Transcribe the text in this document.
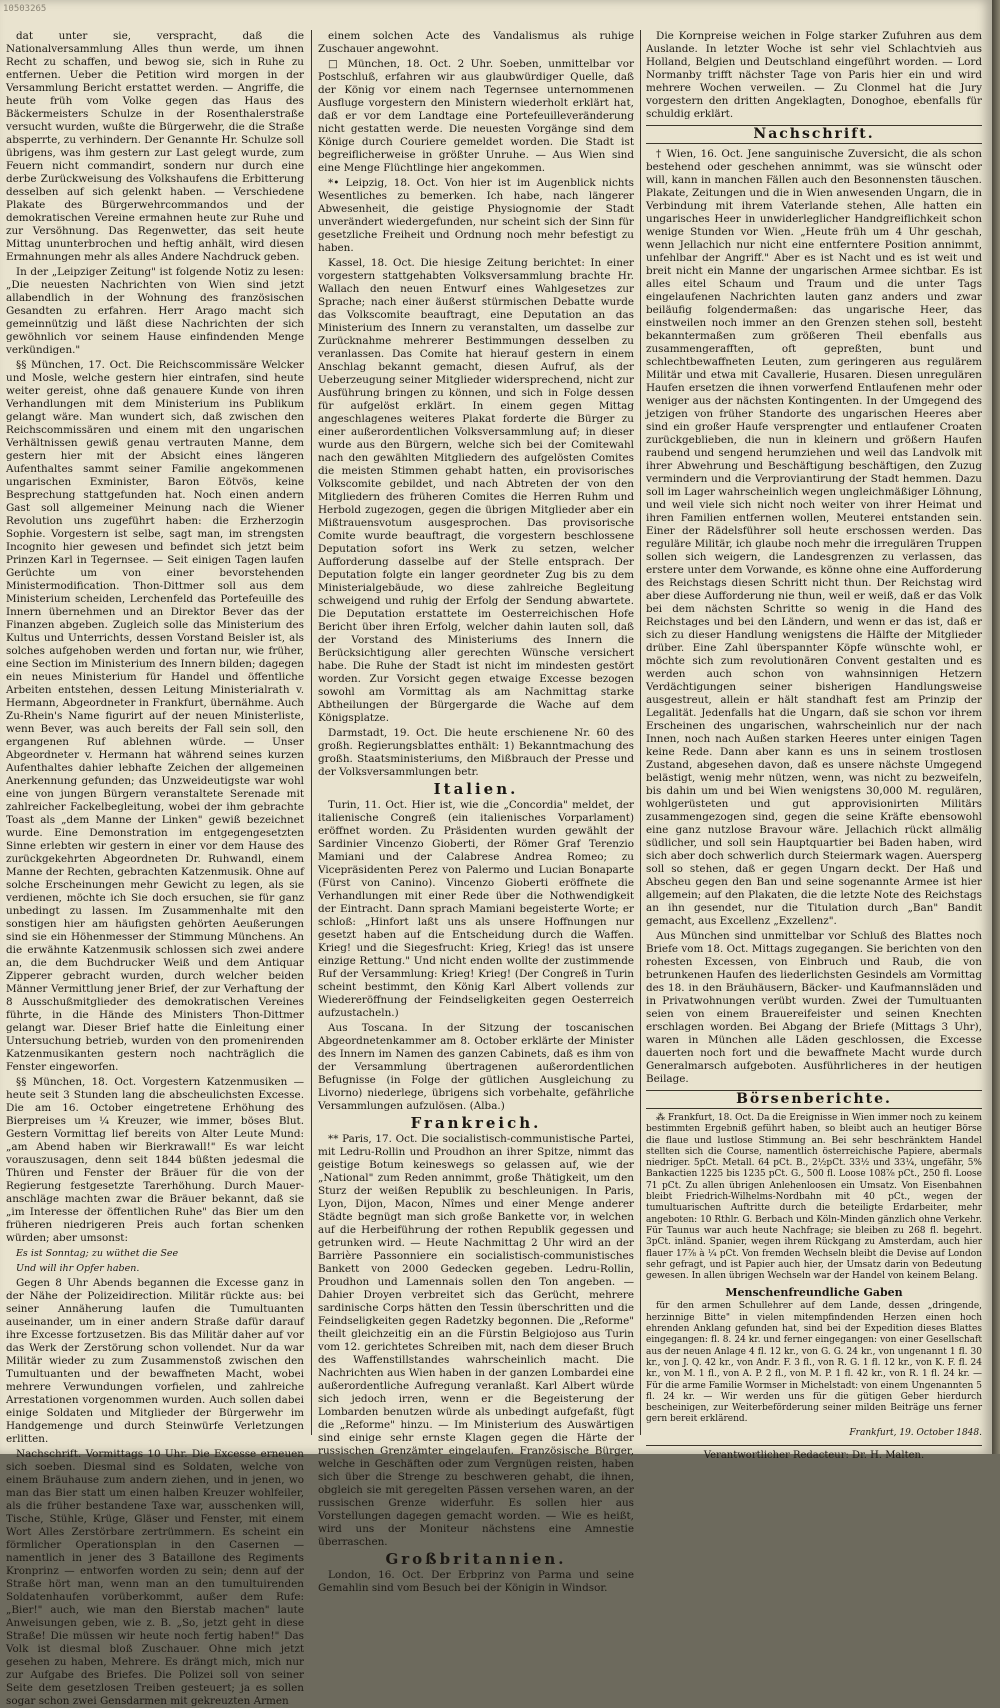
10503265

dat unter sie, verspracht, daß die Nationalversammlung Alles thun werde, um ihnen Recht zu schaffen, und bewog sie, sich in Ruhe zu entfernen. Ueber die Petition wird morgen in der Versammlung Bericht erstattet werden. — Angriffe, die heute früh vom Volke gegen das Haus des Bäckermeisters Schulze in der Rosenthalerstraße versucht wurden, wußte die Bürgerwehr, die die Straße absperrte, zu verhindern. Der Genannte Hr. Schulze soll übrigens, was ihm gestern zur Last gelegt wurde, zum Feuern nicht commandirt, sondern nur durch eine derbe Zurückweisung des Volkshaufens die Erbitterung desselben auf sich gelenkt haben. — Verschiedene Plakate des Bürgerwehrcommandos und der demokratischen Vereine ermahnen heute zur Ruhe und zur Versöhnung. Das Regenwetter, das seit heute Mittag ununterbrochen und heftig anhält, wird diesen Ermahnungen mehr als alles Andere Nachdruck geben.

In der „Leipziger Zeitung" ist folgende Notiz zu lesen: „Die neuesten Nachrichten von Wien sind jetzt allabendlich in der Wohnung des französischen Gesandten zu erfahren. Herr Arago macht sich gemeinnützig und läßt diese Nachrichten der sich gewöhnlich vor seinem Hause einfindenden Menge verkündigen."

§§ München, 17. Oct. Die Reichscommissäre Welcker und Mosle, welche gestern hier eintrafen, sind heute weiter gereist, ohne daß genauere Kunde von ihren Verhandlungen mit dem Ministerium ins Publikum gelangt wäre. Man wundert sich, daß zwischen den Reichscommissären und einem mit den ungarischen Verhältnissen gewiß genau vertrauten Manne, dem gestern hier mit der Absicht eines längeren Aufenthaltes sammt seiner Familie angekommenen ungarischen Exminister, Baron Eötvös, keine Besprechung stattgefunden hat. Noch einen andern Gast soll allgemeiner Meinung nach die Wiener Revolution uns zugeführt haben: die Erzherzogin Sophie. Vorgestern ist selbe, sagt man, im strengsten Incognito hier gewesen und befindet sich jetzt beim Prinzen Karl in Tegernsee. — Seit einigen Tagen laufen Gerüchte um von einer bevorstehenden Ministermodification. Thon-Dittmer soll aus dem Ministerium scheiden, Lerchenfeld das Portefeuille des Innern übernehmen und an Direktor Bever das der Finanzen abgeben. Zugleich solle das Ministerium des Kultus und Unterrichts, dessen Vorstand Beisler ist, als solches aufgehoben werden und fortan nur, wie früher, eine Section im Ministerium des Innern bilden; dagegen ein neues Ministerium für Handel und öffentliche Arbeiten entstehen, dessen Leitung Ministerialrath v. Hermann, Abgeordneter in Frankfurt, übernähme. Auch Zu-Rhein's Name figurirt auf der neuen Ministerliste, wenn Bever, was auch bereits der Fall sein soll, den ergangenen Ruf ablehnen würde. — Unser Abgeordneter v. Hermann hat während seines kurzen Aufenthaltes dahier lebhafte Zeichen der allgemeinen Anerkennung gefunden; das Unzweideutigste war wohl eine von jungen Bürgern veranstaltete Serenade mit zahlreicher Fackelbegleitung, wobei der ihm gebrachte Toast als „dem Manne der Linken" gewiß bezeichnet wurde. Eine Demonstration im entgegengesetzten Sinne erlebten wir gestern in einer vor dem Hause des zurückgekehrten Abgeordneten Dr. Ruhwandl, einem Manne der Rechten, gebrachten Katzenmusik. Ohne auf solche Erscheinungen mehr Gewicht zu legen, als sie verdienen, möchte ich Sie doch ersuchen, sie für ganz unbedingt zu lassen. Im Zusammenhalte mit den sonstigen hier am häufigsten gehörten Aeußerungen sind sie ein Höhenmesser der Stimmung Münchens. An die erwähnte Katzenmusik schlossen sich zwei andere an, die dem Buchdrucker Weiß und dem Antiquar Zipperer gebracht wurden, durch welcher beiden Männer Vermittlung jener Brief, der zur Verhaftung der 8 Ausschußmitglieder des demokratischen Vereines führte, in die Hände des Ministers Thon-Dittmer gelangt war. Dieser Brief hatte die Einleitung einer Untersuchung betrieb, wurden von den promenirenden Katzenmusikanten gestern noch nachträglich die Fenster eingeworfen.

§§ München, 18. Oct. Vorgestern Katzenmusiken — heute seit 3 Stunden lang die abscheulichsten Excesse. Die am 16. October eingetretene Erhöhung des Bierpreises um ¼ Kreuzer, wie immer, böses Blut. Gestern Vormittag lief bereits von Alter Leute Mund: „am Abend haben wir Bierkrawall!" Es war leicht vorauszusagen, denn seit 1844 büßten jedesmal die Thüren und Fenster der Bräuer für die von der Regierung festgesetzte Tarerhöhung. Durch Mauer-anschläge machten zwar die Bräuer bekannt, daß sie „im Interesse der öffentlichen Ruhe" das Bier um den früheren niedrigeren Preis auch fortan schenken würden; aber umsonst:

Es ist Sonntag; zu wüthet die See

Und will ihr Opfer haben.

Gegen 8 Uhr Abends begannen die Excesse ganz in der Nähe der Polizeidirection. Militär rückte aus: bei seiner Annäherung laufen die Tumultuanten auseinander, um in einer andern Straße dafür darauf ihre Excesse fortzusetzen. Bis das Militär daher auf vor das Werk der Zerstörung schon vollendet. Nur da war Militär wieder zu zum Zusammenstoß zwischen den Tumultuanten und der bewaffneten Macht, wobei mehrere Verwundungen vorfielen, und zahlreiche Arrestationen vorgenommen wurden. Auch sollen dabei einige Soldaten und Mitglieder der Bürgerwehr im Handgemenge und durch Steinwürfe Verletzungen erlitten.

Nachschrift. Vormittags 10 Uhr. Die Excesse erneuen sich soeben. Diesmal sind es Soldaten, welche von einem Bräuhause zum andern ziehen, und in jenen, wo man das Bier statt um einen halben Kreuzer wohlfeiler, als die früher bestandene Taxe war, ausschenken will, Tische, Stühle, Krüge, Gläser und Fenster, mit einem Wort Alles Zerstörbare zertrümmern. Es scheint ein förmlicher Operationsplan in den Casernen — namentlich in jener des 3 Bataillone des Regiments Kronprinz — entworfen worden zu sein; denn auf der Straße hört man, wenn man an den tumultuirenden Soldatenhaufen vorüberkommt, außer dem Rufe: „Bier!" auch, wie man den Bierstab machen" laute Anweisungen geben, wie z. B. „So, jetzt geht in diese Straße! Die müssen wir heute noch fertig haben!" Das Volk ist diesmal bloß Zuschauer. Ohne mich jetzt gesehen zu haben, Mehrere. Es drängt mich, mich nur zur Aufgabe des Briefes. Die Polizei soll von seiner Seite dem gesetzlosen Treiben gesteuert; ja es sollen sogar schon zwei Gensdarmen mit gekreuzten Armen

einem solchen Acte des Vandalismus als ruhige Zuschauer angewohnt.

□ München, 18. Oct. 2 Uhr. Soeben, unmittelbar vor Postschluß, erfahren wir aus glaubwürdiger Quelle, daß der König vor einem nach Tegernsee unternommenen Ausfluge vorgestern den Ministern wiederholt erklärt hat, daß er vor dem Landtage eine Portefeuilleveränderung nicht gestatten werde. Die neuesten Vorgänge sind dem Könige durch Couriere gemeldet worden. Die Stadt ist begreiflicherweise in größter Unruhe. — Aus Wien sind eine Menge Flüchtlinge hier angekommen.

*• Leipzig, 18. Oct. Von hier ist im Augenblick nichts Wesentliches zu bemerken. Ich habe, nach längerer Abwesenheit, die geistige Physiognomie der Stadt unverändert wiedergefunden, nur scheint sich der Sinn für gesetzliche Freiheit und Ordnung noch mehr befestigt zu haben.

Kassel, 18. Oct. Die hiesige Zeitung berichtet: In einer vorgestern stattgehabten Volksversammlung brachte Hr. Wallach den neuen Entwurf eines Wahlgesetzes zur Sprache; nach einer äußerst stürmischen Debatte wurde das Volkscomite beauftragt, eine Deputation an das Ministerium des Innern zu veranstalten, um dasselbe zur Zurücknahme mehrerer Bestimmungen desselben zu veranlassen. Das Comite hat hierauf gestern in einem Anschlag bekannt gemacht, diesen Aufruf, als der Ueberzeugung seiner Mitglieder widersprechend, nicht zur Ausführung bringen zu können, und sich in Folge dessen für aufgelöst erklärt. In einem gegen Mittag angeschlagenes weiteres Plakat forderte die Bürger zu einer außerordentlichen Volksversammlung auf; in dieser wurde aus den Bürgern, welche sich bei der Comitewahl nach den gewählten Mitgliedern des aufgelösten Comites die meisten Stimmen gehabt hatten, ein provisorisches Volkscomite gebildet, und nach Abtreten der von den Mitgliedern des früheren Comites die Herren Ruhm und Herbold zugezogen, gegen die übrigen Mitglieder aber ein Mißtrauensvotum ausgesprochen. Das provisorische Comite wurde beauftragt, die vorgestern beschlossene Deputation sofort ins Werk zu setzen, welcher Aufforderung dasselbe auf der Stelle entsprach. Der Deputation folgte ein langer geordneter Zug bis zu dem Ministerialgebäude, wo diese zahlreiche Begleitung schweigend und ruhig der Erfolg der Sendung abwartete. Die Deputation erstattete im Oesterreichischen Hofe Bericht über ihren Erfolg, welcher dahin lauten soll, daß der Vorstand des Ministeriums des Innern die Berücksichtigung aller gerechten Wünsche versichert habe. Die Ruhe der Stadt ist nicht im mindesten gestört worden. Zur Vorsicht gegen etwaige Excesse bezogen sowohl am Vormittag als am Nachmittag starke Abtheilungen der Bürgergarde die Wache auf dem Königsplatze.

Darmstadt, 19. Oct. Die heute erschienene Nr. 60 des großh. Regierungsblattes enthält: 1) Bekanntmachung des großh. Staatsministeriums, den Mißbrauch der Presse und der Volksversammlungen betr.

Italien.

Turin, 11. Oct. Hier ist, wie die „Concordia" meldet, der italienische Congreß (ein italienisches Vorparlament) eröffnet worden. Zu Präsidenten wurden gewählt der Sardinier Vincenzo Gioberti, der Römer Graf Terenzio Mamiani und der Calabrese Andrea Romeo; zu Vicepräsidenten Perez von Palermo und Lucian Bonaparte (Fürst von Canino). Vincenzo Gioberti eröffnete die Verhandlungen mit einer Rede über die Nothwendigkeit der Eintracht. Dann sprach Mamiani begeisterte Worte; er schloß: „Hinfort laßt uns als unsere Hoffnungen nur gesetzt haben auf die Entscheidung durch die Waffen. Krieg! und die Siegesfrucht: Krieg, Krieg! das ist unsere einzige Rettung." Und nicht enden wollte der zustimmende Ruf der Versammlung: Krieg! Krieg! (Der Congreß in Turin scheint bestimmt, den König Karl Albert vollends zur Wiedereröffnung der Feindseligkeiten gegen Oesterreich aufzustacheln.)

Aus Toscana. In der Sitzung der toscanischen Abgeordnetenkammer am 8. October erklärte der Minister des Innern im Namen des ganzen Cabinets, daß es ihm von der Versammlung übertragenen außerordentlichen Befugnisse (in Folge der gütlichen Ausgleichung zu Livorno) niederlege, übrigens sich vorbehalte, gefährliche Versammlungen aufzulösen. (Alba.)

Frankreich.

** Paris, 17. Oct. Die socialistisch-communistische Partei, mit Ledru-Rollin und Proudhon an ihrer Spitze, nimmt das geistige Botum keineswegs so gelassen auf, wie der „National" zum Reden annimmt, große Thätigkeit, um den Sturz der weißen Republik zu beschleunigen. In Paris, Lyon, Dijon, Macon, Nîmes und einer Menge anderer Städte begnügt man sich große Bankette vor, in welchen auf die Herbeiführung der rothen Republik gegessen und getrunken wird. — Heute Nachmittag 2 Uhr wird an der Barrière Passonniere ein socialistisch-communistisches Bankett von 2000 Gedecken gegeben. Ledru-Rollin, Proudhon und Lamennais sollen den Ton angeben. — Dahier Droyen verbreitet sich das Gerücht, mehrere sardinische Corps hätten den Tessin überschritten und die Feindseligkeiten gegen Radetzky begonnen. Die „Reforme" theilt gleichzeitig ein an die Fürstin Belgiojoso aus Turin vom 12. gerichtetes Schreiben mit, nach dem dieser Bruch des Waffenstillstandes wahrscheinlich macht. Die Nachrichten aus Wien haben in der ganzen Lombardei eine außerordentliche Aufregung veranlaßt. Karl Albert würde sich jedoch irren, wenn er die Begeisterung der Lombarden benutzen würde als unbedingt aufgefaßt, fügt die „Reforme" hinzu. — Im Ministerium des Auswärtigen sind einige sehr ernste Klagen gegen die Härte der russischen Grenzämter eingelaufen. Französische Bürger, welche in Geschäften oder zum Vergnügen reisten, haben sich über die Strenge zu beschweren gehabt, die ihnen, obgleich sie mit geregelten Pässen versehen waren, an der russischen Grenze widerfuhr. Es sollen hier aus Vorstellungen dagegen gemacht worden. — Wie es heißt, wird uns der Moniteur nächstens eine Amnestie überraschen.

Großbritannien.

London, 16. Oct. Der Erbprinz von Parma und seine Gemahlin sind vom Besuch bei der Königin in Windsor.

Die Kornpreise weichen in Folge starker Zufuhren aus dem Auslande. In letzter Woche ist sehr viel Schlachtvieh aus Holland, Belgien und Deutschland eingeführt worden. — Lord Normanby trifft nächster Tage von Paris hier ein und wird mehrere Wochen verweilen. — Zu Clonmel hat die Jury vorgestern den dritten Angeklagten, Donoghoe, ebenfalls für schuldig erklärt.

Nachschrift.

† Wien, 16. Oct. Jene sanguinische Zuversicht, die als schon bestehend oder geschehen annimmt, was sie wünscht oder will, kann in manchen Fällen auch den Besonnensten täuschen. Plakate, Zeitungen und die in Wien anwesenden Ungarn, die in Verbindung mit ihrem Vaterlande stehen, Alle hatten ein ungarisches Heer in unwiderleglicher Handgreiflichkeit schon wenige Stunden vor Wien. „Heute früh um 4 Uhr geschah, wenn Jellachich nur nicht eine entferntere Position annimmt, unfehlbar der Angriff." Aber es ist Nacht und es ist weit und breit nicht ein Manne der ungarischen Armee sichtbar. Es ist alles eitel Schaum und Traum und die unter Tags eingelaufenen Nachrichten lauten ganz anders und zwar beiläufig folgendermaßen: das ungarische Heer, das einstweilen noch immer an den Grenzen stehen soll, besteht bekanntermaßen zum größeren Theil ebenfalls aus zusammengerafften, oft gepreßten, bunt und schlechtbewaffneten Leuten, zum geringeren aus regulärem Militär und etwa mit Cavallerie, Husaren. Diesen unregulären Haufen ersetzen die ihnen vorwerfend Entlaufenen mehr oder weniger aus der nächsten Kontingenten. In der Umgegend des jetzigen von früher Standorte des ungarischen Heeres aber sind ein großer Haufe versprengter und entlaufener Croaten zurückgeblieben, die nun in kleinern und größern Haufen raubend und sengend herumziehen und weil das Landvolk mit ihrer Abwehrung und Beschäftigung beschäftigen, den Zuzug vermindern und die Verproviantirung der Stadt hemmen. Dazu soll im Lager wahrscheinlich wegen ungleichmäßiger Löhnung, und weil viele sich nicht noch weiter von ihrer Heimat und ihren Familien entfernen wollen, Meuterei entstanden sein. Einer der Rädelsführer soll heute erschossen werden. Das reguläre Militär, ich glaube noch mehr die irregulären Truppen sollen sich weigern, die Landesgrenzen zu verlassen, das erstere unter dem Vorwande, es könne ohne eine Aufforderung des Reichstags diesen Schritt nicht thun. Der Reichstag wird aber diese Aufforderung nie thun, weil er weiß, daß er das Volk bei dem nächsten Schritte so wenig in die Hand des Reichstages und bei den Ländern, und wenn er das ist, daß er sich zu dieser Handlung wenigstens die Hälfte der Mitglieder drüber. Eine Zahl überspannter Köpfe wünschte wohl, er möchte sich zum revolutionären Convent gestalten und es werden auch schon von wahnsinnigen Hetzern Verdächtigungen seiner bisherigen Handlungsweise ausgestreut, allein er hält standhaft fest am Prinzip der Legalität. Jedenfalls hat die Ungarn, daß sie schon vor ihrem Erscheinen des ungarischen, wahrscheinlich nur der nach Innen, noch nach Außen starken Heeres unter einigen Tagen keine Rede. Dann aber kann es uns in seinem trostlosen Zustand, abgesehen davon, daß es unsere nächste Umgegend belästigt, wenig mehr nützen, wenn, was nicht zu bezweifeln, bis dahin um und bei Wien wenigstens 30,000 M. regulären, wohlgerüsteten und gut approvisionirten Militärs zusammengezogen sind, gegen die seine Kräfte ebensowohl eine ganz nutzlose Bravour wäre. Jellachich rückt allmälig südlicher, und soll sein Hauptquartier bei Baden haben, wird sich aber doch schwerlich durch Steiermark wagen. Auersperg soll so stehen, daß er gegen Ungarn deckt. Der Haß und Abscheu gegen den Ban und seine sogenannte Armee ist hier allgemein; auf den Plakaten, die die letzte Note des Reichstags an ihn gesendet, nur die Titulation durch „Ban" Bandit gemacht, aus Excellenz „Exzellenz".

Aus München sind unmittelbar vor Schluß des Blattes noch Briefe vom 18. Oct. Mittags zugegangen. Sie berichten von den rohesten Excessen, von Einbruch und Raub, die von betrunkenen Haufen des liederlichsten Gesindels am Vormittag des 18. in den Bräuhäusern, Bäcker- und Kaufmannsläden und in Privatwohnungen verübt wurden. Zwei der Tumultuanten seien von einem Brauereifeister und seinen Knechten erschlagen worden. Bei Abgang der Briefe (Mittags 3 Uhr), waren in München alle Läden geschlossen, die Excesse dauerten noch fort und die bewaffnete Macht wurde durch Generalmarsch aufgeboten. Ausführlicheres in der heutigen Beilage.

Börsenberichte.

⁂ Frankfurt, 18. Oct. Da die Ereignisse in Wien immer noch zu keinem bestimmten Ergebniß geführt haben, so bleibt auch an heutiger Börse die flaue und lustlose Stimmung an. Bei sehr beschränktem Handel stellten sich die Course, namentlich österreichische Papiere, abermals niedriger. 5pCt. Metall. 64 pCt. B., 2½pCt. 33½ und 33¼, ungefähr, 5% Bankactien 1225 bis 1235 pCt. G., 500 fl. Loose 108⅞ pCt., 250 fl. Loose 71 pCt. Zu allen übrigen Anlehenloosen ein Umsatz. Von Eisenbahnen bleibt Friedrich-Wilhelms-Nordbahn mit 40 pCt., wegen der tumultuarischen Auftritte durch die beteiligte Erdarbeiter, mehr angeboten: 10 Rthlr. G. Berbach und Köln-Minden gänzlich ohne Verkehr. Für Taunus war auch heute Nachfrage; sie bleiben zu 268 fl. begehrt. 3pCt. inländ. Spanier, wegen ihrem Rückgang zu Amsterdam, auch hier flauer 17⅞ à ¼ pCt. Von fremden Wechseln bleibt die Devise auf London sehr gefragt, und ist Papier auch hier, der Umsatz darin von Bedeutung gewesen. In allen übrigen Wechseln war der Handel von keinem Belang.

Menschenfreundliche Gaben

für den armen Schullehrer auf dem Lande, dessen „dringende, herzinnige Bitte" in vielen mitempfindenden Herzen einen hoch ehrenden Anklang gefunden hat, sind bei der Expedition dieses Blattes eingegangen: fl. 8. 24 kr. und ferner eingegangen: von einer Gesellschaft aus der neuen Anlage 4 fl. 12 kr., von G. G. 24 kr., von ungenannt 1 fl. 30 kr., von J. Q. 42 kr., von Andr. F. 3 fl., von R. G. 1 fl. 12 kr., von K. F. fl. 24 kr., von M. 1 fl., von A. P. 2 fl., von M. P. 1 fl. 42 kr., von R. 1 fl. 24 kr. — Für die arme Familie Wormser in Michelstadt: von einem Ungenannten 5 fl. 24 kr. — Wir werden uns für die gütigen Geber hierdurch bescheinigen, zur Weiterbeförderung seiner milden Beiträge uns ferner gern bereit erklärend.

Frankfurt, 19. October 1848.
Verantwortlicher Redacteur: Dr. H. Malten.
